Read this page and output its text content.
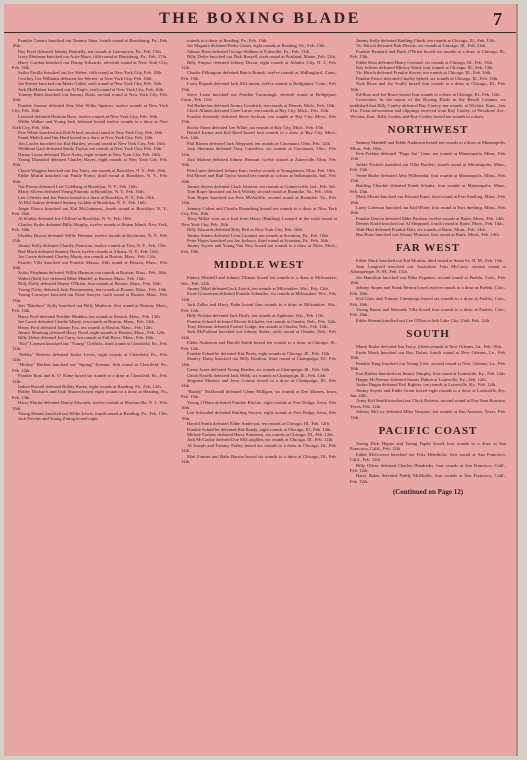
THE BOXING BLADE	7

Frankie Genaro knocked out Tommy Shea, fourth round at Harrisburg, Pa., Feb. 18th.

Ray Pryel defeated Johnny Donnelly, ten rounds at Uniontown, Pa., Feb. 15th.

Ivory Edelman knocked out Artie Mace, fifth round at Harrisburg, Pa., Feb. 17th.

Harry Gordon knocked out Danny Edwards, eleventh round at New York City, Feb. 16th.

Sailor Pacillo knocked out Joe Weber, fifth round at New York City, Feb. 18th.

Cowboy Lee Williams defeated Joe Werner, at New York City, Feb. 16th.

Joe Keeter knocked out Maris Golda, sixth round at New York City, Feb. 16th.

Jack McMahon knocked out Al Engle, sixth round at New York City, Feb. 16th.

Tommy Butts knocked out Sammy Butts, second round at New York City, Feb. 16th.

Frankie Jerome defeated Wee Wee Willie Spencer, twelve rounds at New York City, Feb. 16th.

Leonard defeated Herman Rose, twelve rounds at New York City, Feb. 16th.

Willie Walker and Young Jack Johnson boxed twelve rounds to a draw at New York City, Feb. 16th.

Pete White knocked out Kid Alfred, second round at New York City, Feb. 16th.

Frank Melick and Jim Hurd boxed to a draw at New York City, Feb. 16th.

Jim Lawler knocked out Kid Hartley, second round at New York City, Feb. 16th.

Wildman Gaul defeated Sandy Taylor, ten rounds at New York City, Feb. 16th.

Danny Lyons defeated Dave Axtey, eight rounds at New York City, Feb. 16th.

Young Diamond defeated Charley Hayes, eight rounds at New York City, Feb. 16th.

Chuck Wiggins knocked out Jim Tracy, ten rounds at Brooklyn, N. Y., Feb. 16th.

Eddie Martin knocked out Paulie Porter, third round at Brooklyn, N. Y., Feb. 16th.

Nat Pincus defeated Lew Goldberg at Brooklyn, N. Y., Feb. 16th.

Marty Silvers defeated Young Patronic at Brooklyn, N. Y., Feb. 16th.

Lew Chester and Joe Petros boxed to a draw at Brooklyn, N. Y., Feb. 16th.

Al McCluskey defeated Sammy Golden at Brooklyn, N. Y., Feb. 16th.

Angie Fiasco knocked out Kid McGuinness, fourth round at Brooklyn, N. Y., Feb. 16th.

Al Studdy defeated Joe Clifford at Brooklyn, N. Y., Feb. 16th.

Charley Ryder defeated Billy Murphy, twelve rounds at Staten Island, New York, Feb. 16th.

Chubby Brown defeated Willie Herman, twelve rounds at Rochester, N. Y., Feb. 15th.

Jimmy Kelly defeated Charley Donovan, twelve rounds at Troy, N. Y., Feb. 15th.

Red Mack defeated Sammy Bova, twelve rounds at Albany, N. Y., Feb. 15th.

Joe Carrie defeated Charley Manty, ten rounds at Boston, Mass., Feb. 11th.

Pancho Villa knocked out Frankie Mason, fifth round at Boston, Mass., Feb. 16th.

Sailor Friedman defeated Willie Harmon, ten rounds at Boston, Mass., Feb. 16th.

Walter (Kid) Lee defeated Mike Mandel, at Boston, Mass., Feb. 16th.

Billy Duffy defeated Shaver O'Brien, four rounds at Boston, Mass., Feb. 16th.

Young Nicky defeated Jack Fitzsimmons, ten rounds at Boston, Mass., Feb. 13th.

Young Cornoyer knocked out Ernie Sawyer, sixth round at Boston, Mass., Feb. 13th.

Jim "Bamboo" Kelly knocked out Billy Madison, first round at Boston, Mass., Feb. 13th.

Harry Ford defeated Freddie Madden, ten rounds at Boston, Mass., Feb. 15th.

Joe Carrie defeated Charlie Manty, ten rounds at Boston, Mass., Feb. 12th.

Henry Ford defeated Johnny Fox, ten rounds at Boston, Mass., Feb. 12th.

Jimmy Manning defeated Harry Bond, eight rounds at Boston, Mass., Feb. 12th.

Billy Defoe defeated Joe Curry, ten rounds at Fall River, Mass., Feb. 16th.

"Kid" Layman knocked out "Young" Griffiths, third round at Clearfield, Pa., Feb. 12th.

"Bobby" Roberts defeated Jackie Lewis, eight rounds at Clearfield, Pa., Feb. 12th.

"Hickey" Burkett knocked out "Spring" Keenan, fifth round at Clearfield, Pa., Feb. 12th.

Frankie Ross and K. O. Kline boxed six rounds to a draw at Clearfield, Pa., Feb. 12th.

Indian Russell defeated Bobby Burke, eight rounds at Reading, Pa., Feb. 13th.

Bobby Michaels and Irish Sharon boxed eight rounds to a draw at Reading, Pa., Feb. 13th.

Harry Martin defeated Danny Edwards, twelve rounds at Marionville, N. J., Feb. 19th.

Young Dennis knocked out Willie Lewis, fourth round at Reading, Pa., Feb. 13th.

Jack Powlus and Young Zaring boxed eight

rounds to a draw at Reading, Pa., Feb. 13th.

Joe Maguire defeated Finky Green, eight rounds at Reading, Pa., Feb. 13th.

Johnny Reno defeated George Siddons at Pottsville, Pa., Feb. 13th.

Billy Defoe knocked out Dick Russell, sixth round at Portland, Maine, Feb. 12th.

Billy Simpso defeated Johnny Dixon, eight rounds at Atlantic City, N. J., Feb. 12th.

Charlie Pilkington defeated Butch Brandt, twelve rounds at Wallingford, Conn., Feb. 13th.

Louis Bogash defeated Jack McLarnon, twelve rounds at Bridgeport, Conn., Feb. 15th.

Steve Latzo knocked out Frankie Cavanaugh, seventh round at Bridgeport, Conn., Feb. 12th.

Sid Barberian defeated Jimmy Goodrich, ten rounds at Detroit, Mich., Feb. 12th.

Chick Allman defeated Gene Larue, ten rounds at Bay City, Mich., Feb. 15th.

Frankie Kennedy defeated Steve Jackson, ten rounds at Bay City, Mich., Feb. 15th.

Rocky Stone defeated Lee Wilde, six rounds at Bay City, Mich., Feb. 15th.

Harold Earine and Kid Reed boxed four rounds to a draw at Bay City, Mich., Feb. 12th.

Phil Bloom defeated Jack Sheppard, ten rounds at Cincinnati, Ohio, Feb. 12th.

Jack Sherman defeated Tony Canzifera, six rounds at Cincinnati, Ohio, Feb. 12th.

Jack Malone defeated Johnny Herman, twelve rounds at Zanesville, Ohio, Feb. 16th.

Pete Latzo defeated Johnny Karr, twelve rounds at Youngstown, Ohio, Feb. 16th.

Pal Moore and Bud Taylor boxed ten rounds to a draw at Indianapolis, Ind., Feb. 19th.

Jimmy Sayers defeated Clark Johnson, ten rounds at Connersville, Ind., Feb. 5th.

Tom Roper knocked out Jack Worldy, second round at Roanoke, Va., Feb. 19th.

Tom Roper knocked out Pete McAuliffe, second round at Roanoke, Va., Feb. 13th.

Sammy Cohen and Charlie Rosenberg boxed ten rounds to a draw at New York City, Feb. 16th.

Terry Miller won on a foul from Harry (Battling) Leonard in the sixth round at New York City, Feb. 16th.

Billy Edwards defeated Billy Bell at New York City, Feb. 16th.

Jimmy Amato defeated Leon Leonard, ten rounds at Scranton, Pa., Feb. 16th.

Peter Hayes knocked out Joe Jackson, third round at Scranton, Pa., Feb. 16th.

Jimmy Sayres and Young Van Ness boxed ten rounds to a draw at Niles, Mich., Feb. 19th.

MIDDLE WEST

Pinkey Mitchell and Johnny Tillman boxed ten rounds to a draw at Milwaukee, Wis., Feb. 12th.

Jimmy Nikel defeated Jack Zwick, ten rounds at Milwaukee, Wis., Feb. 12th.

Ernie Goozeman defeated Frankie Schnaller, six rounds at Milwaukee, Wis., Feb. 12th.

Jack Zaller and Harry Kahn boxed four rounds to a draw at Milwaukee, Wis., Feb. 12th.

Billy Wolohn defeated Jack Duffy, ten rounds at Appleton, Wis., Feb. 11th.

Frankie Schoell defeated Morrie Schlaifer, ten rounds at Omaha, Neb., Feb. 12th.

Tony Herman defeated Farmer Lodge, ten rounds at Omaha, Neb., Feb. 12th.

Jack McFarland knocked out Johnny Strike, sixth round at Omaha, Neb., Feb. 12th.

Eddie Anderson and Harold Smith boxed ten rounds to a draw at Chicago, Ill., Feb. 12th.

Frankie Schaeffer defeated Kid Beaty, eight rounds at Chicago, Ill., Feb. 12th.

Stanley Darsy knocked out Billy Doulton, third round at Champaign, Ill., Feb. 14th.

Casey Jones defeated Young Harden, six rounds at Champaign, Ill., Feb. 14th.

Chick Nazelli defeated Jack Webb, six rounds at Champaign, Ill., Feb. 14th.

Sergeant Mackey and Jerry Conroy boxed to a draw at Champaign, Ill., Feb. 14th.

"Buddy" McDonald defeated Glenn Milligan, six rounds at Des Moines, Iowa, Feb. 15th.

Young O'Hara defeated Frankie Ritchie, eight rounds at Fort Dodge, Iowa, Feb. 16th.

Len Schwabel defeated Battling Strayer, eight rounds at Fort Dodge, Iowa, Feb. 16th.

Harold Smith defeated Eddie Anderson, ten rounds at Chicago, Ill., Feb. 12th.

Frankie Schaeffer defeated Kid Bandy, eight rounds at Chicago, Ill., Feb. 12th.

Mickey Forkins defeated Harry Simmons, six rounds at Chicago, Ill., Feb. 12th.

Jack McCarthy defeated Joe McLaughlin, six rounds at Chicago, Ill., Feb. 12th.

Al Joseph and Tommy Farley boxed six rounds to a draw at Chicago, Ill., Feb. 12th.

Matt Farmer and Babe Barron boxed six rounds to a draw at Chicago, Ill., Feb. 12th.

Jimmy Kelly defeated Battling Chink, ten rounds at Chicago, Ill., Feb. 13th.

Vic Hirsch defeated Bob Devine, six rounds at Chicago, Ill., Feb. 12th.

Frankie Rennard and Buck O'Brien boxed six rounds to a draw at Chicago, Ill., Feb. 13th.

Eddie Shea defeated Henry Leonard, six rounds at Chicago, Ill., Feb. 13th.

Ray Jeffries defeated Mickey Ward, four rounds at Chicago, Ill., Feb. 13th.

Vic Hirsch defeated Frankie Stacey, ten rounds at Chicago, Ill., Feb. 16th.

Frankie Frisco defeated Charley Sybell, six rounds at Chicago, Ill., Feb. 16th.

Nick Risse and Joe Scully boxed four rounds to a draw at Chicago, Ill., Feb. 16th.

Ed Ross and Joe Bruce boxed four rounds to a draw at Chicago, Ill., Feb. 12th.

Correction: In the report of the Boxing Blade in the Result Column, we published that Billy Conley defeated Ray Conley, ten rounds, at Wichita, Kans., Jan. 21st. From information and clippings received from Roy Conley, of Woodrow Ave., Wichita, Kan., Billy Conley and Roy Conley boxed ten rounds to a draw.

NORTHWEST

Sammy Mandell and Eddie Anderson boxed ten rounds to a draw at Minneapolis, Minn., Feb. 16th.

Pete Perkins defeated "Dago Joe" Gans, ten rounds at Minneapolis, Minn., Feb. 15th.

Jackie Nichols knocked out Ollie Bartlett, fourth round at Minneapolis, Minn., Feb. 15th.

Verne Butler defeated John Willenedal, four rounds at Minneapolis, Minn., Feb. 15th.

Battling Chuckle defeated Frank Schultz, four rounds at Minneapolis, Minn., Feb. 15th.

Mark Moore knocked out Edward Kane, third round at Fort Snelling, Minn., Feb. 16th.

Larry Coleman knocked out Kid White, first round at Fort Snelling, Minn., Feb. 16th.

Frankie Darren defeated Mike Paulsen, twelve rounds at Butte, Mont., Feb. 14th.

Dennis Kroth knocked out Al Sheppard, fourth round at Butte, Mont., Feb. 14th.

Walt Hart defeated Frankie Dart, six rounds at Butte, Mont., Feb. 14th.

Bus Burts knocked out Johnny Munson, first round at Butte, Mont., Feb. 14th.

FAR WEST

Eddie Mack knocked out Kid Moritio, third round at Santa Fe, N. M., Feb. 15th.

Sam Langford knocked out Australian Tom McCarty, second round at Albuquerque, N. M., Feb. 15th.

Joe Hamilton knocked out Mike Paganno, second round at Pueblo, Colo., Feb. 16th.

Johnny Stoper and Frank Hereru boxed twelve rounds to a draw at Pueblo, Colo., Feb. 16th.

Kid Chris and Tommy Cummings boxed six rounds to a draw at Pueblo, Colo., Feb. 16th.

Young Bruno and Mercado Villa boxed four rounds to a draw at Pueblo, Colo., Feb. 16th.

Eddie Sheene knocked out Lee O'Dair at Salt Lake City, Utah, Feb. 12th.

SOUTH

Marty Burke defeated Jim Tracy, fifteen rounds at New Orleans, La., Feb. 16th.

Ernie Monk knocked out Ray Dolan, fourth round at New Orleans, La., Feb. 16th.

Frankie King knocked out Young Cole, second round at New Orleans, La., Feb. 16th.

Earl Ruther knocked out Jimmy Murphy, first round at Louisville, Ky., Feb. 12th.

Happy McNerney defeated Jimmy Dalton at Louisville, Ky., Feb. 12th.

Jackie Dugan defeated Earl Righter, ten rounds at Louisville, Ky., Feb. 12th.

Jimmy Sayers and Eddie Grant boxed eight rounds to a draw at Louisville, Ky., Jan. 28th.

Army Kid Smith knocked out Chick Roberts, second round at Fort Sam Houston, Texas, Feb. 12th.

Johnny McCoy defeated Mike Vasquez, ten rounds at San Antonio, Texas, Feb. 14th.

PACIFIC COAST

Young Dick Hoppe and Young Papke boxed four rounds to a draw at San Francisco, Calif., Feb. 12th.

Eddie McGovern knocked out Fritz Hendricks, first round at San Francisco, Calif., Feb. 12th.

Billy Oliver defeated Charley Hendricks, four rounds at San Francisco, Calif., Feb. 12th.

Harry Baker defeated Paddy McMullin, four rounds at San Francisco, Calif., Feb. 12th.

(Continued on Page 12)
